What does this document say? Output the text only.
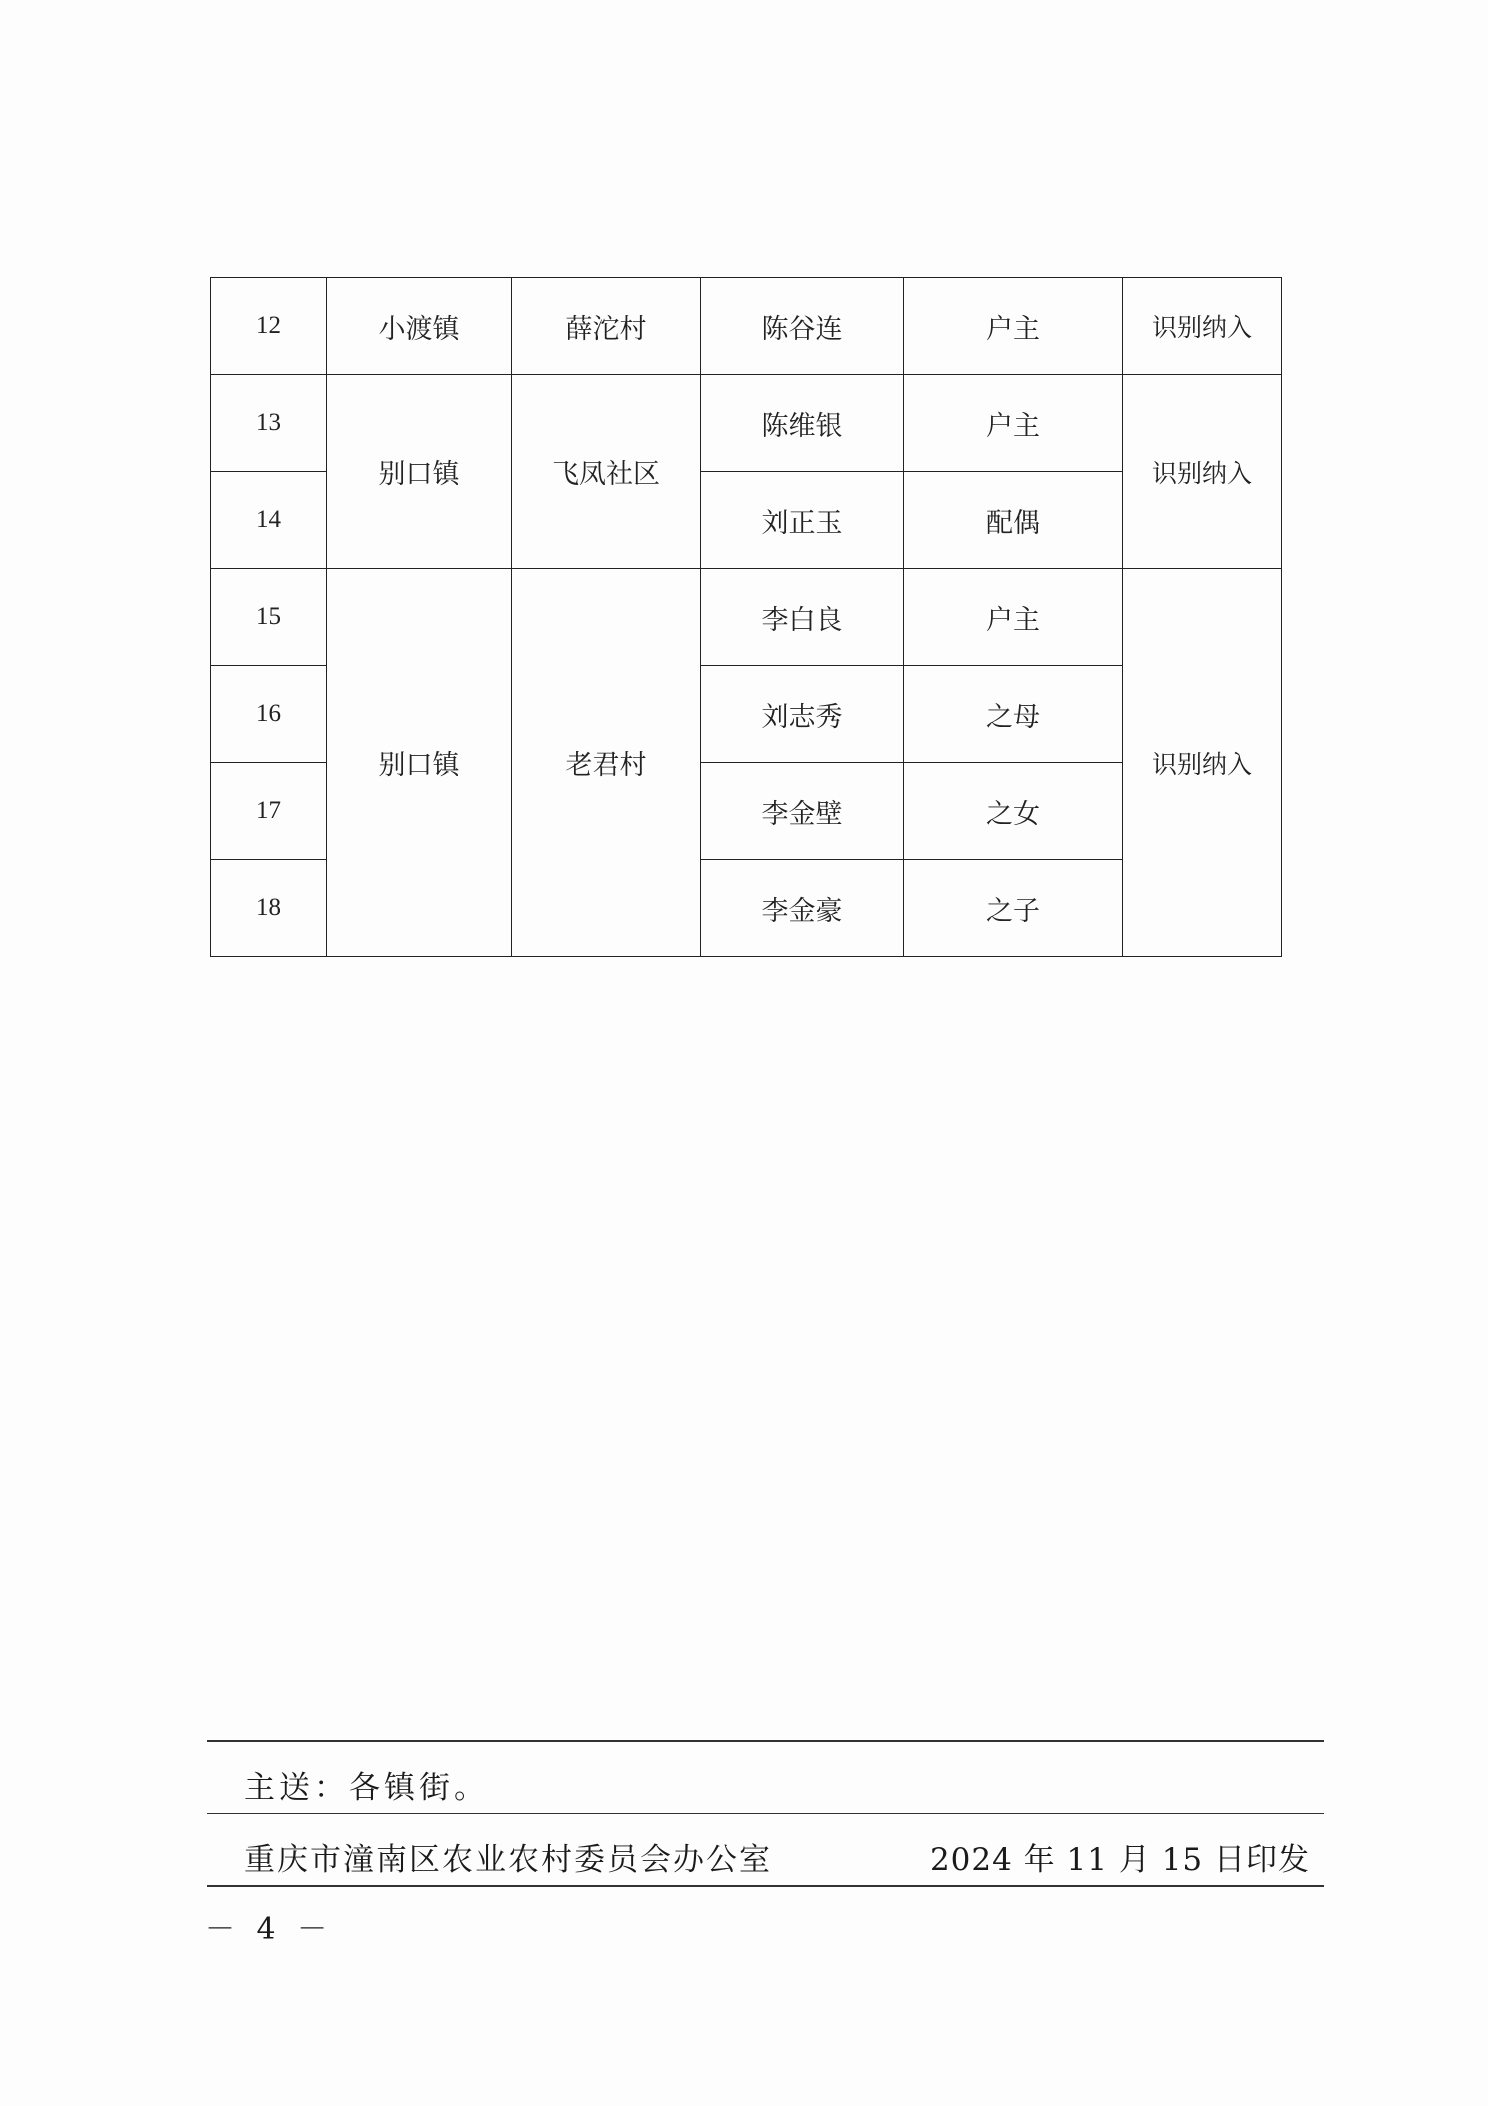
12	小渡镇	薛沱村	陈谷连	户主	识别纳入
13	别口镇	飞凤社区	陈维银	户主	识别纳入
14			刘正玉	配偶	
15	别口镇	老君村	李白良	户主	识别纳入
16			刘志秀	之母	
17			李金壁	之女	
18			李金豪	之子	
主送：各镇街。
重庆市潼南区农业农村委员会办公室	2024 年 11 月 15 日印发
－ 4 －
